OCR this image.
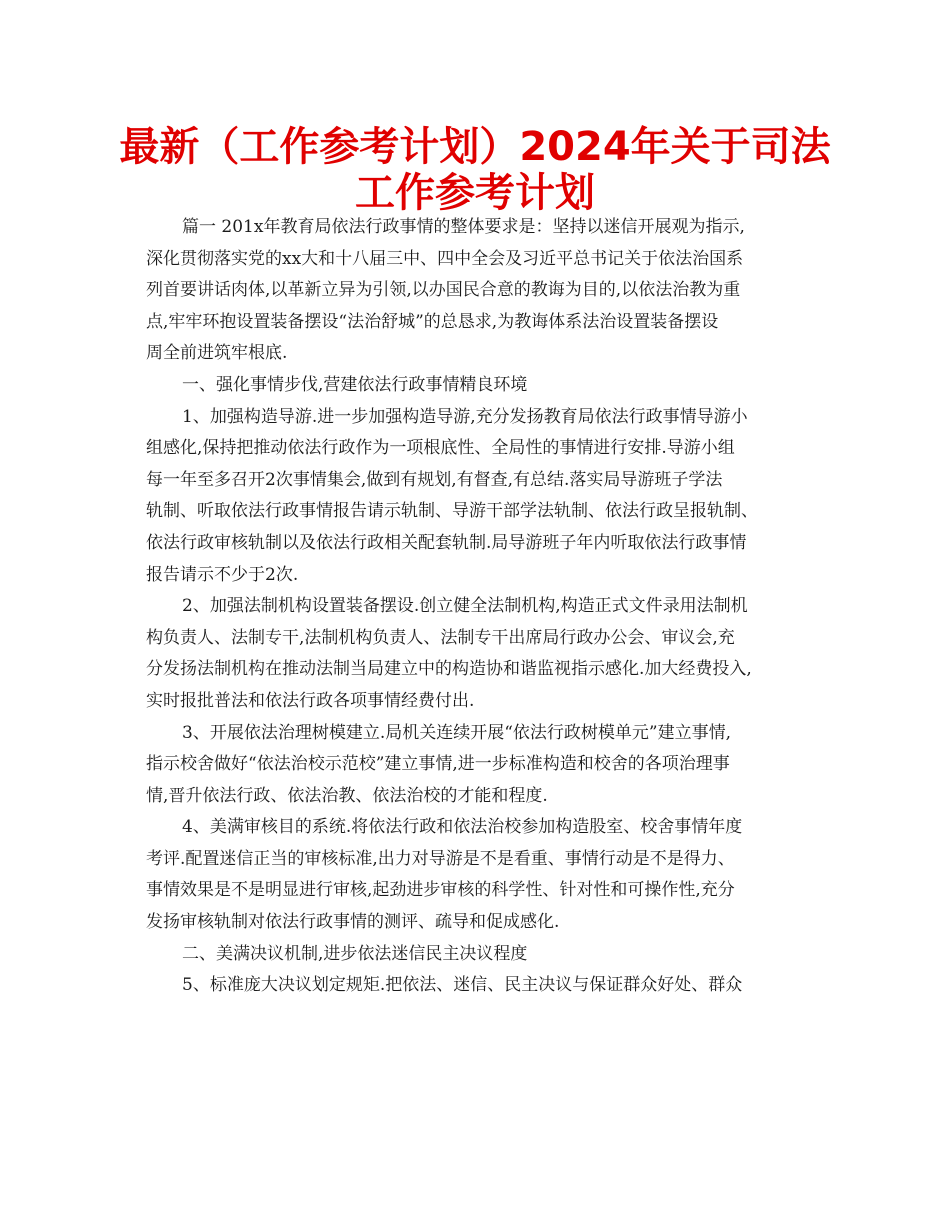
最新（工作参考计划）2024年关于司法
工作参考计划
篇一 201x年教育局依法行政事情的整体要求是：坚持以迷信开展观为指示,
深化贯彻落实党的xx大和十八届三中、四中全会及习近平总书记关于依法治国系
列首要讲话肉体,以革新立异为引领,以办国民合意的教诲为目的,以依法治教为重
点,牢牢环抱设置装备摆设“法治舒城”的总恳求,为教诲体系法治设置装备摆设
周全前进筑牢根底.
一、强化事情步伐,营建依法行政事情精良环境
1、加强构造导游.进一步加强构造导游,充分发扬教育局依法行政事情导游小
组感化,保持把推动依法行政作为一项根底性、全局性的事情进行安排.导游小组
每一年至多召开2次事情集会,做到有规划,有督查,有总结.落实局导游班子学法
轨制、听取依法行政事情报告请示轨制、导游干部学法轨制、依法行政呈报轨制、
依法行政审核轨制以及依法行政相关配套轨制.局导游班子年内听取依法行政事情
报告请示不少于2次.
2、加强法制机构设置装备摆设.创立健全法制机构,构造正式文件录用法制机
构负责人、法制专干,法制机构负责人、法制专干出席局行政办公会、审议会,充
分发扬法制机构在推动法制当局建立中的构造协和谐监视指示感化.加大经费投入,
实时报批普法和依法行政各项事情经费付出.
3、开展依法治理树模建立.局机关连续开展“依法行政树模单元”建立事情,
指示校舍做好“依法治校示范校”建立事情,进一步标准构造和校舍的各项治理事
情,晋升依法行政、依法治教、依法治校的才能和程度.
4、美满审核目的系统.将依法行政和依法治校参加构造股室、校舍事情年度
考评.配置迷信正当的审核标准,出力对导游是不是看重、事情行动是不是得力、
事情效果是不是明显进行审核,起劲进步审核的科学性、针对性和可操作性,充分
发扬审核轨制对依法行政事情的测评、疏导和促成感化.
二、美满决议机制,进步依法迷信民主决议程度
5、标准庞大决议划定规矩.把依法、迷信、民主决议与保证群众好处、群众
